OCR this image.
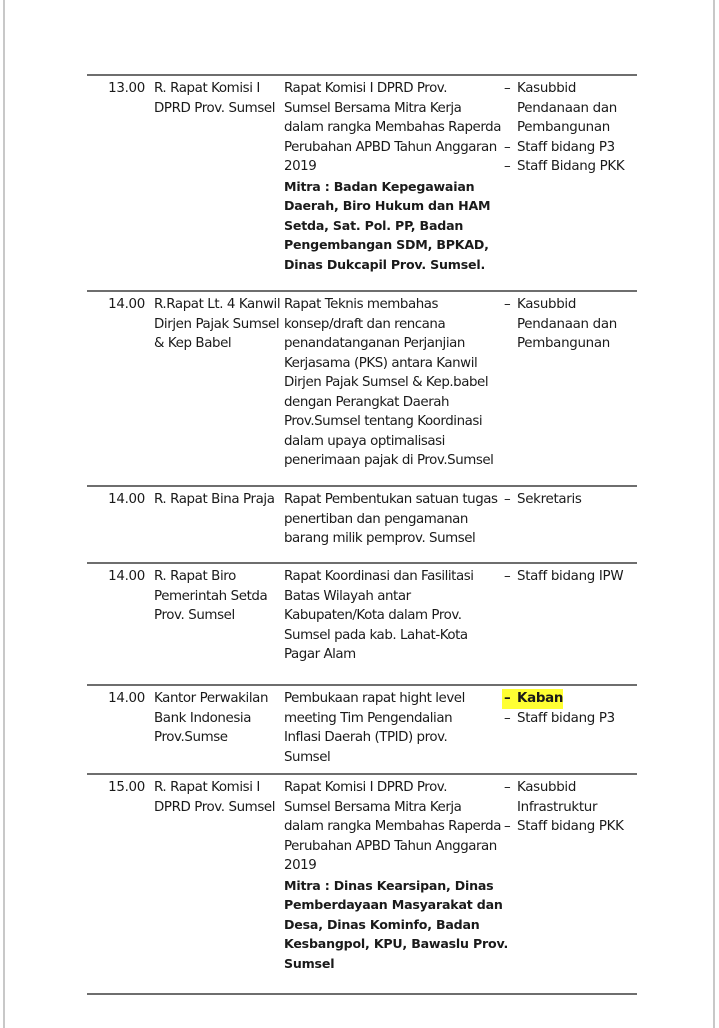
13.00 R. Rapat Komisi I
DPRD Prov. Sumsel
Rapat Komisi I DPRD Prov.
Sumsel Bersama Mitra Kerja
dalam rangka Membahas Raperda
Perubahan APBD Tahun Anggaran
2019
Mitra : Badan Kepegawaian
Daerah, Biro Hukum dan HAM
Setda, Sat. Pol. PP, Badan
Pengembangan SDM, BPKAD,
Dinas Dukcapil Prov. Sumsel.
– Kasubbid
Pendanaan dan
Pembangunan
– Staff bidang P3
– Staff Bidang PKK
14.00 R.Rapat Lt. 4 Kanwil
Dirjen Pajak Sumsel
& Kep Babel
Rapat Teknis membahas
konsep/draft dan rencana
penandatanganan Perjanjian
Kerjasama (PKS) antara Kanwil
Dirjen Pajak Sumsel & Kep.babel
dengan Perangkat Daerah
Prov.Sumsel tentang Koordinasi
dalam upaya optimalisasi
penerimaan pajak di Prov.Sumsel
– Kasubbid
Pendanaan dan
Pembangunan
14.00 R. Rapat Bina Praja Rapat Pembentukan satuan tugas
penertiban dan pengamanan
barang milik pemprov. Sumsel
– Sekretaris
14.00 R. Rapat Biro
Pemerintah Setda
Prov. Sumsel
Rapat Koordinasi dan Fasilitasi
Batas Wilayah antar
Kabupaten/Kota dalam Prov.
Sumsel pada kab. Lahat-Kota
Pagar Alam
– Staff bidang IPW
14.00 Kantor Perwakilan
Bank Indonesia
Prov.Sumse
Pembukaan rapat hight level
meeting Tim Pengendalian
Inflasi Daerah (TPID) prov.
Sumsel
– Kaban
– Staff bidang P3
15.00 R. Rapat Komisi I
DPRD Prov. Sumsel
Rapat Komisi I DPRD Prov.
Sumsel Bersama Mitra Kerja
dalam rangka Membahas Raperda
Perubahan APBD Tahun Anggaran
2019
Mitra : Dinas Kearsipan, Dinas
Pemberdayaan Masyarakat dan
Desa, Dinas Kominfo, Badan
Kesbangpol, KPU, Bawaslu Prov.
Sumsel
– Kasubbid
Infrastruktur
– Staff bidang PKK
